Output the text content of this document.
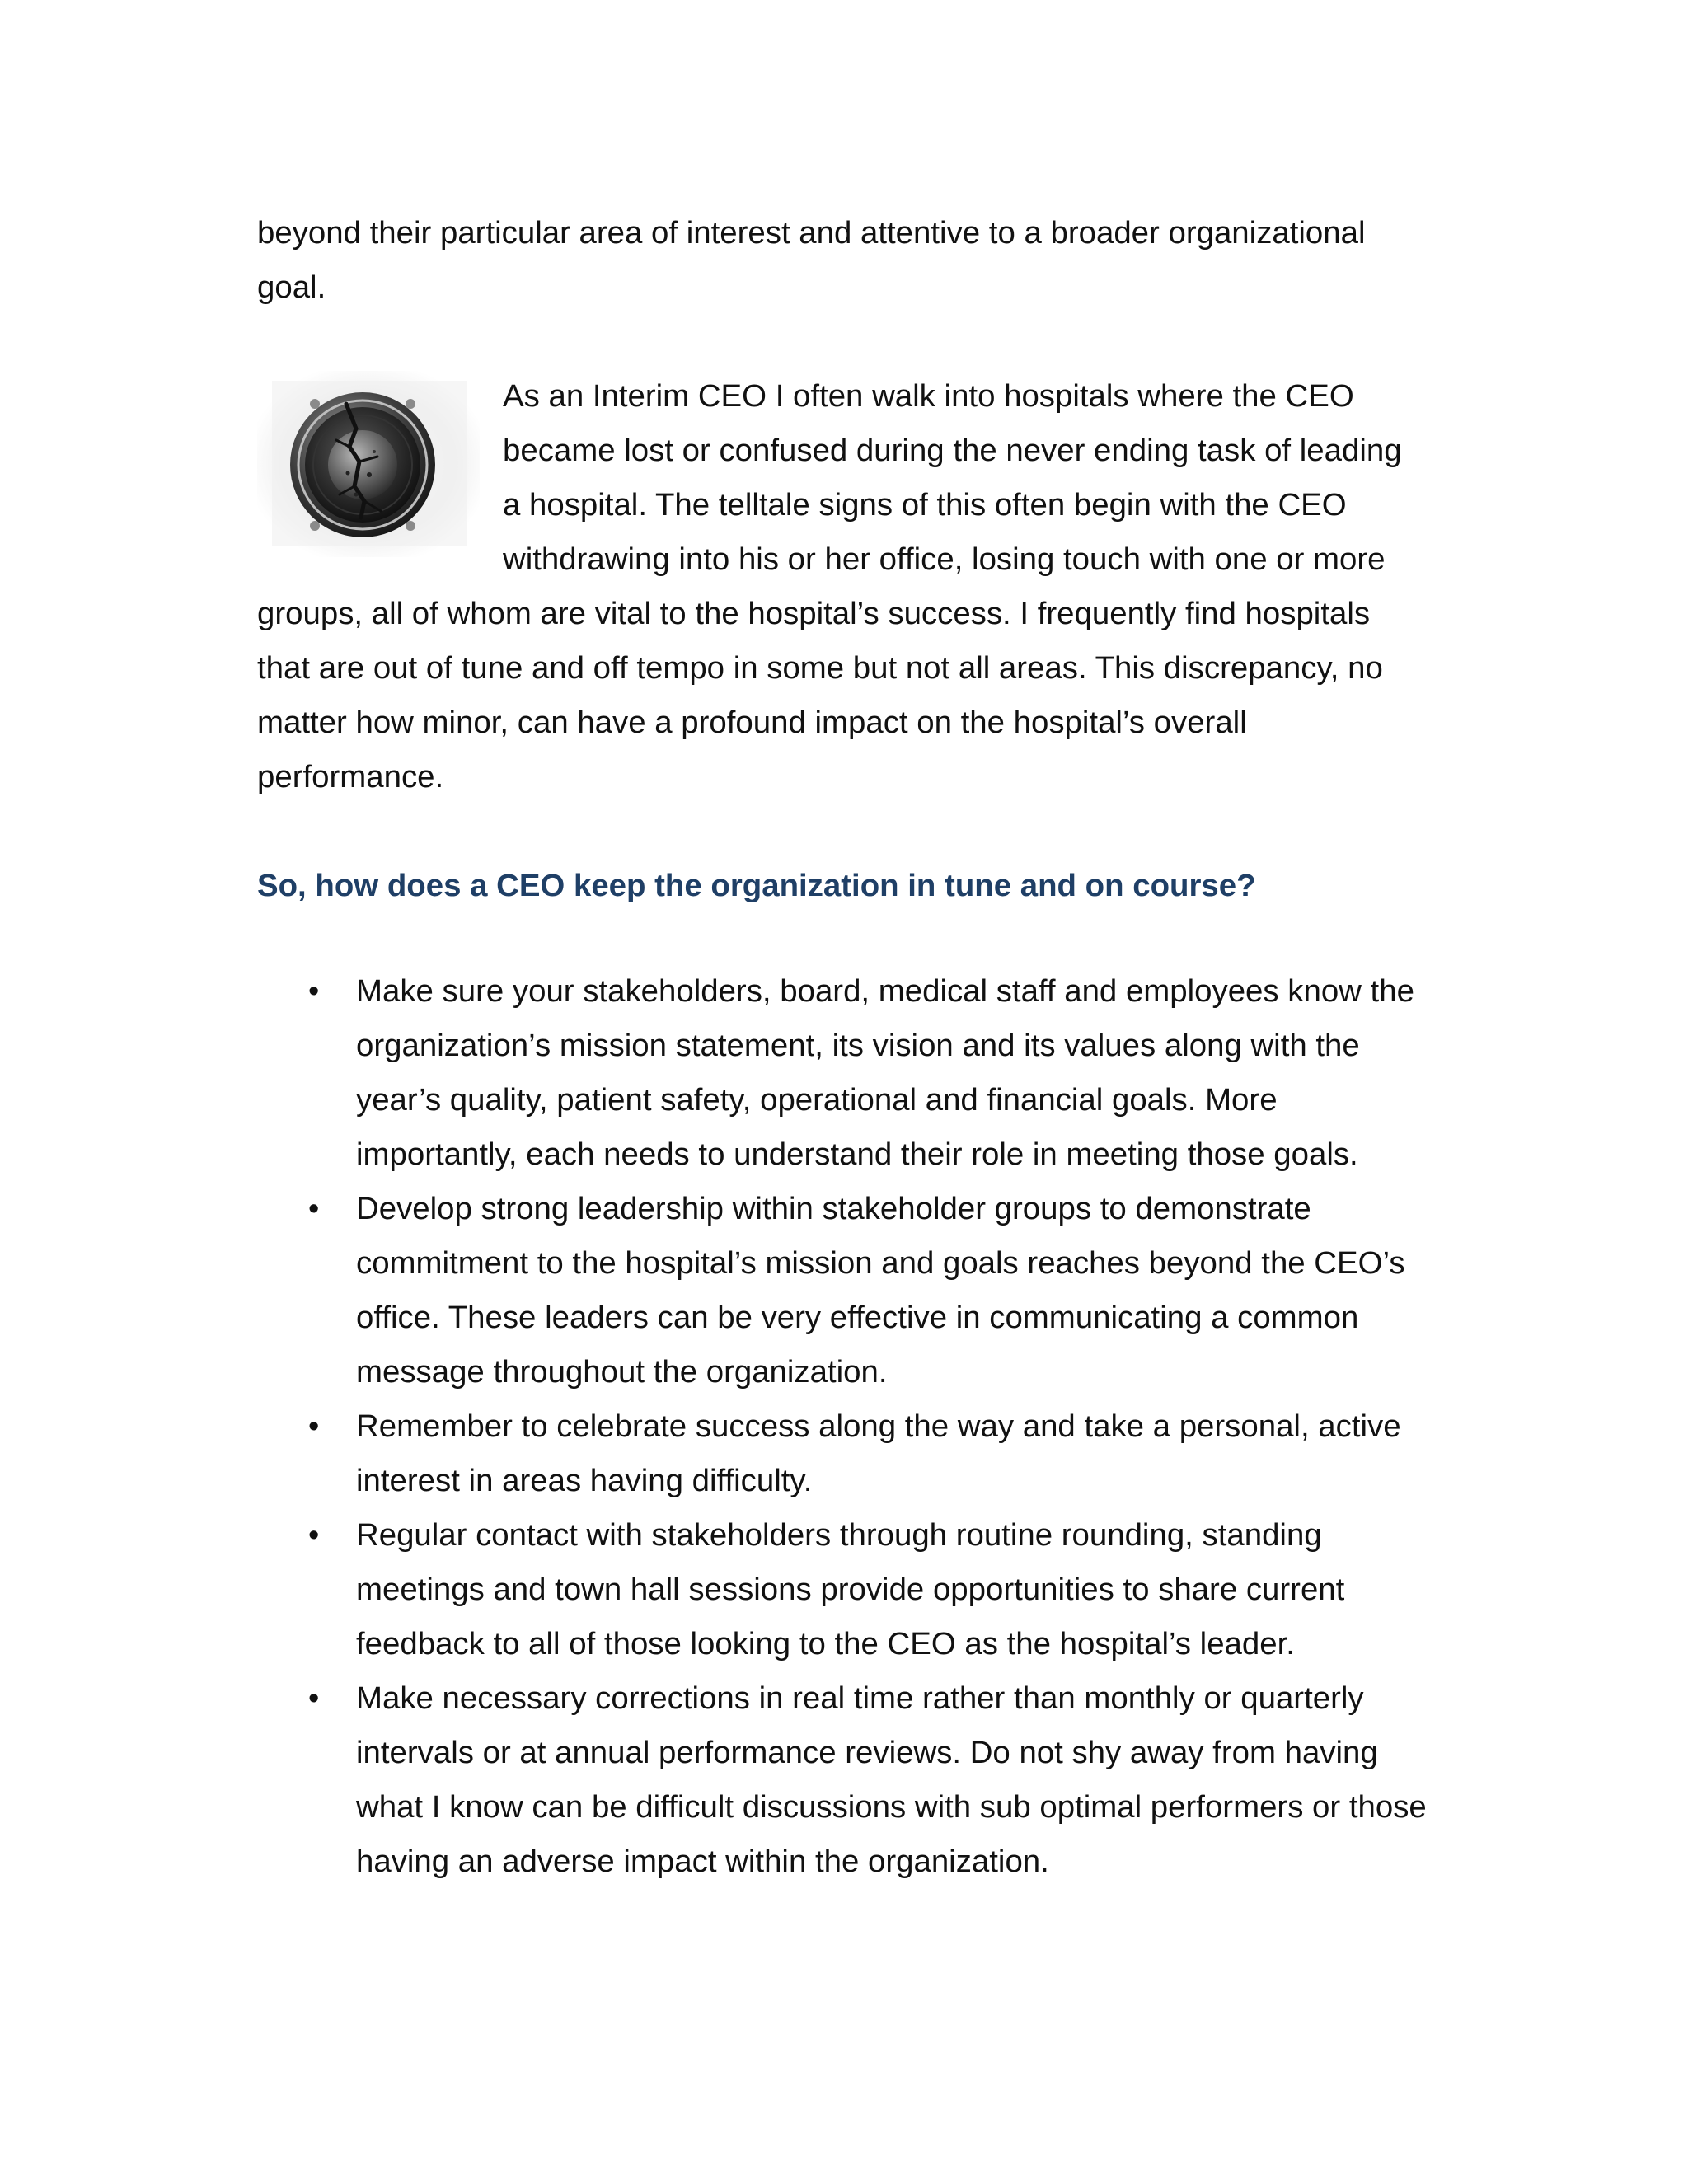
beyond their particular area of interest and attentive to a broader organizational goal.

As an Interim CEO I often walk into hospitals where the CEO became lost or confused during the never ending task of leading a hospital. The telltale signs of this often begin with the CEO withdrawing into his or her office, losing touch with one or more groups, all of whom are vital to the hospital’s success. I frequently find hospitals that are out of tune and off tempo in some but not all areas. This discrepancy, no matter how minor, can have a profound impact on the hospital’s overall performance.

So, how does a CEO keep the organization in tune and on course?
• Make sure your stakeholders, board, medical staff and employees know the organization’s mission statement, its vision and its values along with the year’s quality, patient safety, operational and financial goals. More importantly, each needs to understand their role in meeting those goals.
• Develop strong leadership within stakeholder groups to demonstrate commitment to the hospital’s mission and goals reaches beyond the CEO’s office. These leaders can be very effective in communicating a common message throughout the organization.
• Remember to celebrate success along the way and take a personal, active interest in areas having difficulty.
• Regular contact with stakeholders through routine rounding, standing meetings and town hall sessions provide opportunities to share current feedback to all of those looking to the CEO as the hospital’s leader.
• Make necessary corrections in real time rather than monthly or quarterly intervals or at annual performance reviews. Do not shy away from having what I know can be difficult discussions with sub optimal performers or those having an adverse impact within the organization.
